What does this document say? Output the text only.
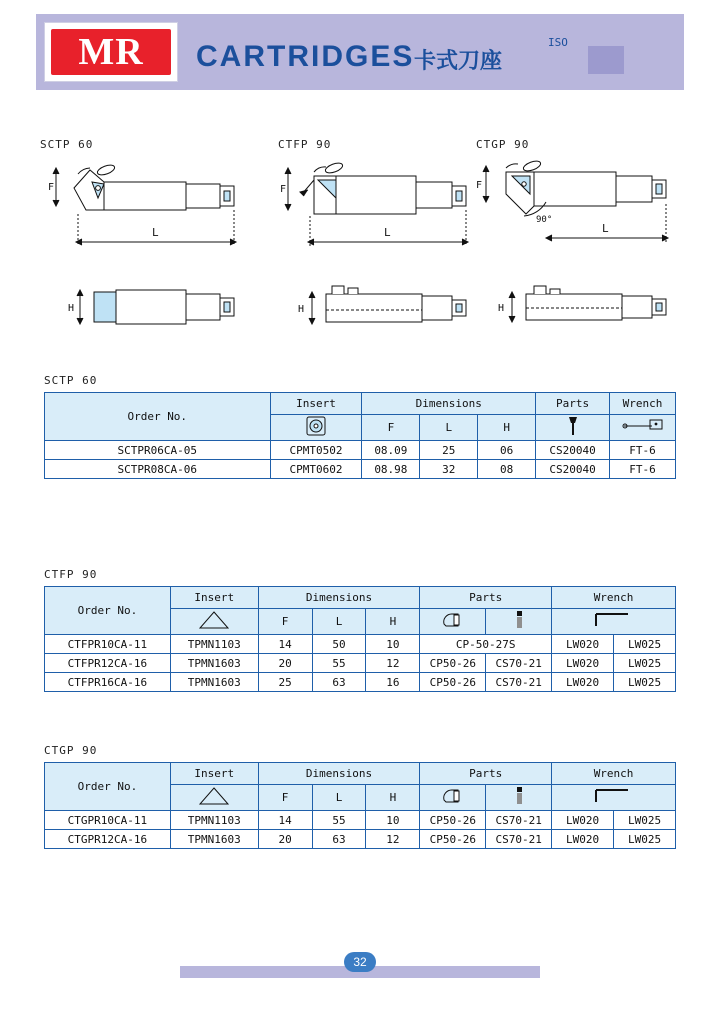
MR	CARTRIDGES 卡式刀座
ISO
SCTP 60
F
L
H
CTFP 90
F
L
H
CTGP 90
F
90°
L
H
SCTP 60
Order No.	Insert	Dimensions			Parts	Wrench
	F	L	H		
SCTPR06CA-05	CPMT0502	08.09	25	06	CS20040	FT-6
SCTPR08CA-06	CPMT0602	08.98	32	08	CS20040	FT-6
CTFP 90
Order No.	Insert	Dimensions			Parts		Wrench	
	F	L	H			
CTFPR10CA-11	TPMN1103	14	50	10	CP-50-27S		LW020	LW025
CTFPR12CA-16	TPMN1603	20	55	12	CP50-26	CS70-21	LW020	LW025
CTFPR16CA-16	TPMN1603	25	63	16	CP50-26	CS70-21	LW020	LW025
CTGP 90
Order No.	Insert	Dimensions			Parts		Wrench	
	F	L	H			
CTGPR10CA-11	TPMN1103	14	55	10	CP50-26	CS70-21	LW020	LW025
CTGPR12CA-16	TPMN1603	20	63	12	CP50-26	CS70-21	LW020	LW025
32
